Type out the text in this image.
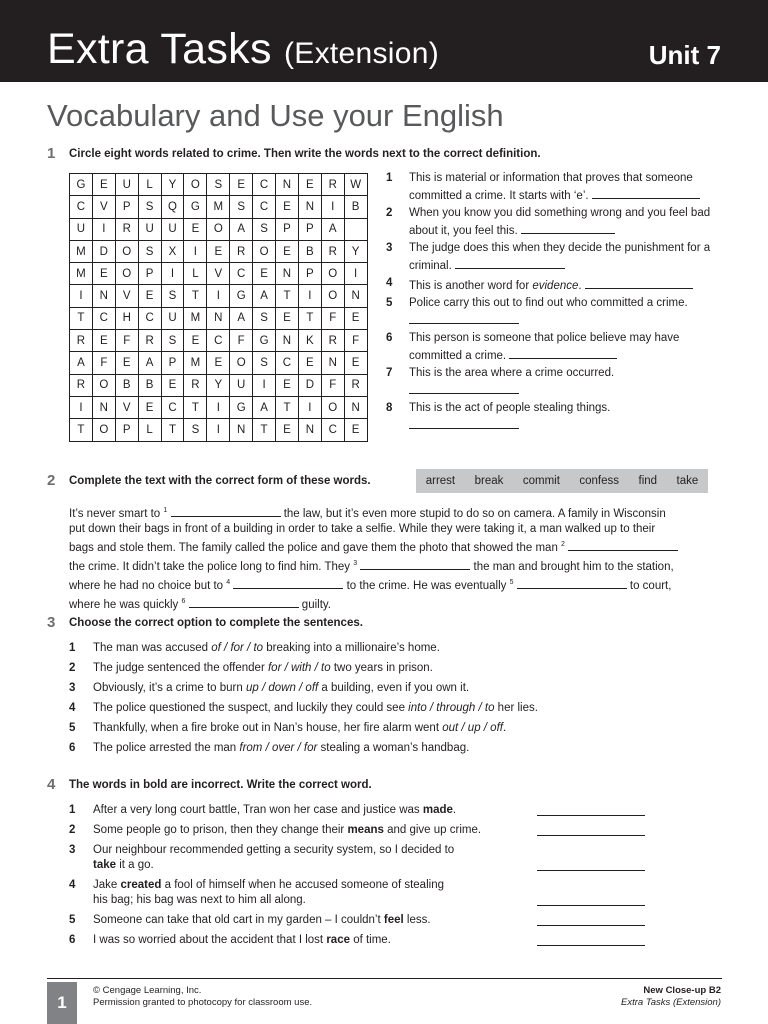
Extra Tasks (Extension)	Unit 7
Vocabulary and Use your English
1 Circle eight words related to crime. Then write the words next to the correct definition.
G	E	U	L	Y	O	S	E	C	N	E	R	W
C	V	P	S	Q	G	M	S	C	E	N	I	B
U	I	R	U	U	E	O	A	S	P	P	A	
M	D	O	S	X	I	E	R	O	E	B	R	Y
M	E	O	P	I	L	V	C	E	N	P	O	I
I	N	V	E	S	T	I	G	A	T	I	O	N
T	C	H	C	U	M	N	A	S	E	T	F	E
R	E	F	R	S	E	C	F	G	N	K	R	F
A	F	E	A	P	M	E	O	S	C	E	N	E
R	O	B	B	E	R	Y	U	I	E	D	F	R
I	N	V	E	C	T	I	G	A	T	I	O	N
T	O	P	L	T	S	I	N	T	E	N	C	E
1 This is material or information that proves that someone committed a crime. It starts with ‘e’.
2 When you know you did something wrong and you feel bad about it, you feel this.
3 The judge does this when they decide the punishment for a criminal.
4 This is another word for evidence.
5 Police carry this out to find out who committed a crime.

6 This person is someone that police believe may have committed a crime.
7 This is the area where a crime occurred.

8 This is the act of people stealing things.

2 Complete the text with the correct form of these words.	arrest break commit confess find take

It’s never smart to $^1$	the law, but it’s even more stupid to do so on camera. A family in Wisconsin

put down their bags in front of a building in order to take a selfie. While they were taking it, a man walked up to their

bags and stole them. The family called the police and gave them the photo that showed the man $^2$

the crime. It didn’t take the police long to find him. They $^3$	the man and brought him to the station,

where he had no choice but to $^4$	to the crime. He was eventually $^5$	to court,

where he was quickly $^6$	guilty.

3 Choose the correct option to complete the sentences.
1 The man was accused of / for / to breaking into a millionaire’s home.
2 The judge sentenced the offender for / with / to two years in prison.
3 Obviously, it’s a crime to burn up / down / off a building, even if you own it.
4 The police questioned the suspect, and luckily they could see into / through / to her lies.
5 Thankfully, when a fire broke out in Nan’s house, her fire alarm went out / up / off.
6 The police arrested the man from / over / for stealing a woman’s handbag.
4 The words in bold are incorrect. Write the correct word.
1 After a very long court battle, Tran won her case and justice was made.
2 Some people go to prison, then they change their means and give up crime.
3 Our neighbour recommended getting a security system, so I decided to
take it a go.
4 Jake created a fool of himself when he accused someone of stealing
his bag; his bag was next to him all along.
5 Someone can take that old cart in my garden – I couldn’t feel less.
6 I was so worried about the accident that I lost race of time.
1
© Cengage Learning, Inc.
Permission granted to photocopy for classroom use.
New Close-up B2
Extra Tasks (Extension)
